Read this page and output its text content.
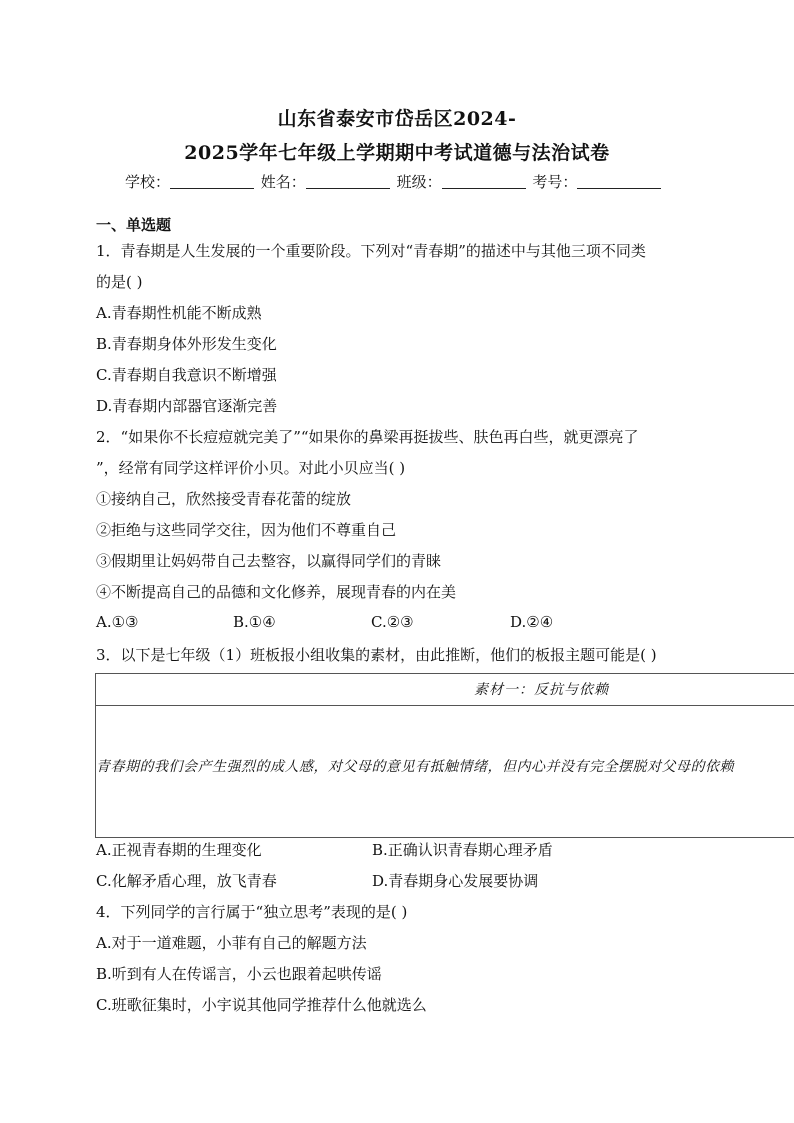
山东省泰安市岱岳区2024-
2025学年七年级上学期期中考试道德与法治试卷
学校：	姓名：	班级：	考号：
一、单选题
1．青春期是人生发展的一个重要阶段。下列对“青春期”的描述中与其他三项不同类
的是( )
A.青春期性机能不断成熟
B.青春期身体外形发生变化
C.青春期自我意识不断增强
D.青春期内部器官逐渐完善
2．“如果你不长痘痘就完美了”“如果你的鼻梁再挺拔些、肤色再白些，就更漂亮了
”，经常有同学这样评价小贝。对此小贝应当( )
①接纳自己，欣然接受青春花蕾的绽放
②拒绝与这些同学交往，因为他们不尊重自己
③假期里让妈妈带自己去整容，以赢得同学们的青睐
④不断提高自己的品德和文化修养，展现青春的内在美
A.①③	B.①④	C.②③	D.②④
3．以下是七年级（1）班板报小组收集的素材，由此推断，他们的板报主题可能是( )
素材一：反抗与依赖
青春期的我们会产生强烈的成人感，对父母的意见有抵触情绪，但内心并没有完全摆脱对父母的依赖
A.正视青春期的生理变化	B.正确认识青春期心理矛盾
C.化解矛盾心理，放飞青春	D.青春期身心发展要协调
4．下列同学的言行属于“独立思考”表现的是( )
A.对于一道难题，小菲有自己的解题方法
B.听到有人在传谣言，小云也跟着起哄传谣
C.班歌征集时，小宇说其他同学推荐什么他就选么
